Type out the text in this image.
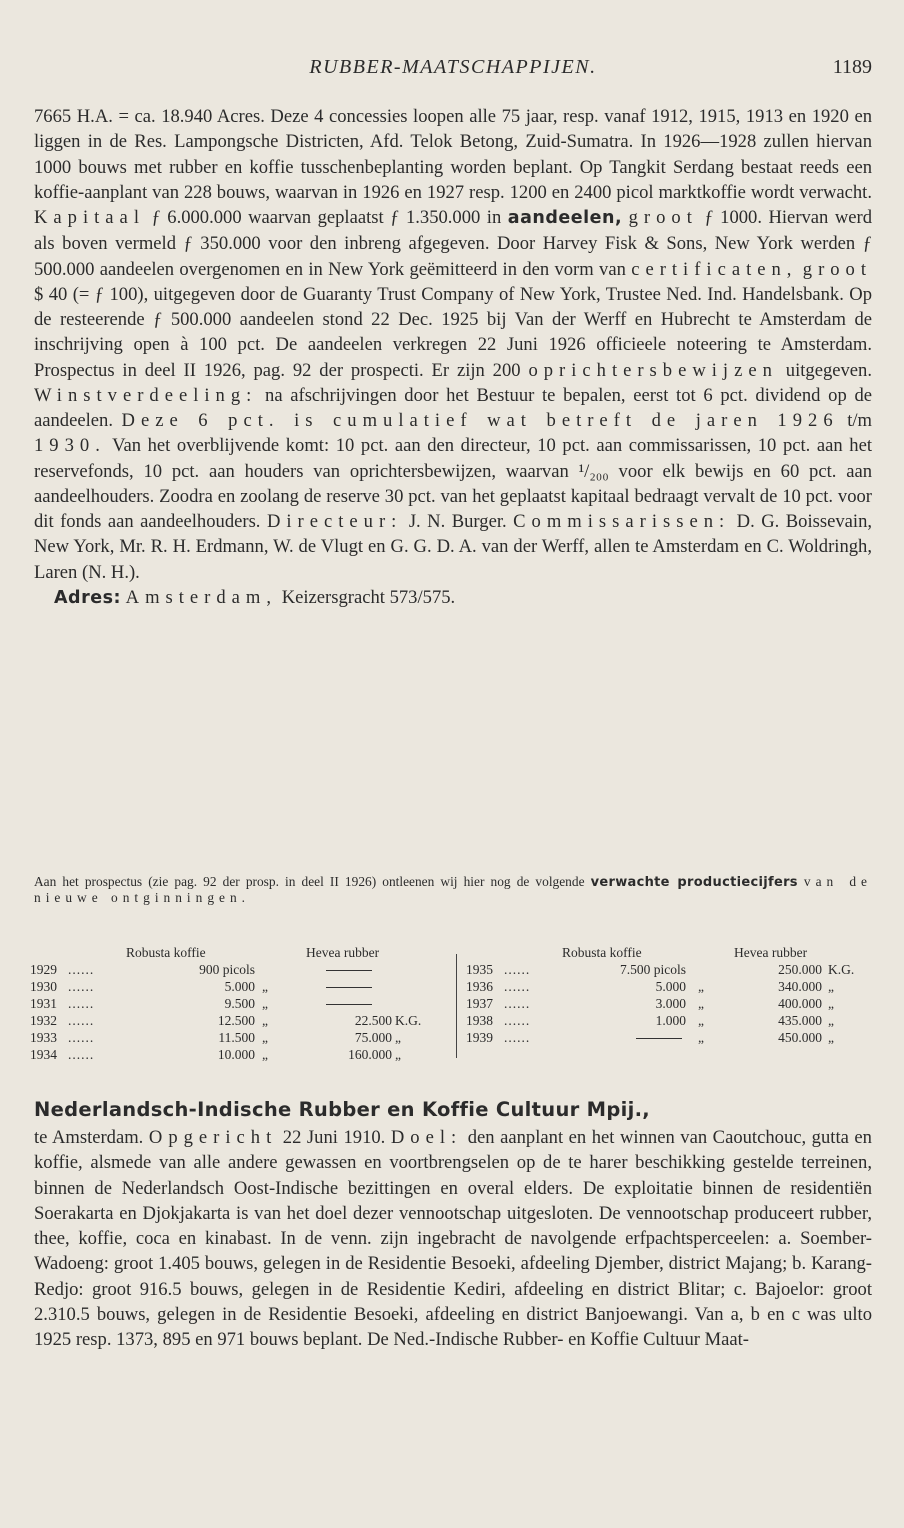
RUBBER-MAATSCHAPPIJEN.	1189

7665 H.A. = ca. 18.940 Acres. Deze 4 concessies loopen alle 75 jaar, resp. vanaf 1912, 1915, 1913 en 1920 en liggen in de Res. Lampongsche Districten, Afd. Telok Betong, Zuid-Sumatra. In 1926—1928 zullen hiervan 1000 bouws met rubber en koffie tusschenbeplanting worden beplant. Op Tangkit Serdang bestaat reeds een koffie-aanplant van 228 bouws, waarvan in 1926 en 1927 resp. 1200 en 2400 picol marktkoffie wordt verwacht. Kapitaal ƒ 6.000.000 waarvan geplaatst ƒ 1.350.000 in aandeelen, groot ƒ 1000. Hiervan werd als boven vermeld ƒ 350.000 voor den inbreng afgegeven. Door Harvey Fisk & Sons, New York werden ƒ 500.000 aandeelen overgenomen en in New York geëmitteerd in den vorm van certificaten, groot $ 40 (= ƒ 100), uitgegeven door de Guaranty Trust Company of New York, Trustee Ned. Ind. Handelsbank. Op de resteerende ƒ 500.000 aandeelen stond 22 Dec. 1925 bij Van der Werff en Hubrecht te Amsterdam de inschrijving open à 100 pct. De aandeelen verkregen 22 Juni 1926 officieele noteering te Amsterdam. Prospectus in deel II 1926, pag. 92 der prospecti. Er zijn 200 oprichtersbewijzen uitgegeven. Winstverdeeling: na afschrijvingen door het Bestuur te bepalen, eerst tot 6 pct. dividend op de aandeelen. Deze 6 pct. is cumulatief wat betreft de jaren 1926 t/m 1930. Van het overblijvende komt: 10 pct. aan den directeur, 10 pct. aan commissarissen, 10 pct. aan het reservefonds, 10 pct. aan houders van oprichtersbewijzen, waarvan ¹/₂₀₀ voor elk bewijs en 60 pct. aan aandeelhouders. Zoodra en zoolang de reserve 30 pct. van het geplaatst kapitaal bedraagt vervalt de 10 pct. voor dit fonds aan aandeelhouders. Directeur: J. N. Burger. Commissarissen: D. G. Boissevain, New York, Mr. R. H. Erdmann, W. de Vlugt en G. G. D. A. van der Werff, allen te Amsterdam en C. Woldringh, Laren (N. H.).

Adres: Amsterdam, Keizersgracht 573/575.

Aan het prospectus (zie pag. 92 der prosp. in deel II 1926) ontleenen wij hier nog de volgende verwachte productiecijfers van de nieuwe ontginningen.
Robusta koffie	Hevea rubber
1929 ......	900 picols
1930 ......	5.000 „
1931 ......	9.500 „
1932 ......	12.500 „	22.500 K.G.
1933 ......	11.500 „	75.000 „
1934 ......	10.000 „	160.000 „
Robusta koffie	Hevea rubber
1935 ......	7.500 picols	250.000 K.G.
1936 ......	5.000 „	340.000 „
1937 ......	3.000 „	400.000 „
1938 ......	1.000 „	435.000 „
1939 ......	„	450.000 „
Nederlandsch-Indische Rubber en Koffie Cultuur Mpij.,

te Amsterdam. Opgericht 22 Juni 1910. Doel: den aanplant en het winnen van Caoutchouc, gutta en koffie, alsmede van alle andere gewassen en voortbrengselen op de te harer beschikking gestelde terreinen, binnen de Nederlandsch Oost-Indische bezittingen en overal elders. De exploitatie binnen de residentiën Soerakarta en Djokjakarta is van het doel dezer vennootschap uitgesloten. De vennootschap produceert rubber, thee, koffie, coca en kinabast. In de venn. zijn ingebracht de navolgende erfpachtsperceelen: a. Soember-Wadoeng: groot 1.405 bouws, gelegen in de Residentie Besoeki, afdeeling Djember, district Majang; b. Karang-Redjo: groot 916.5 bouws, gelegen in de Residentie Kediri, afdeeling en district Blitar; c. Bajoelor: groot 2.310.5 bouws, gelegen in de Residentie Besoeki, afdeeling en district Banjoewangi. Van a, b en c was ulto 1925 resp. 1373, 895 en 971 bouws beplant. De Ned.-Indische Rubber- en Koffie Cultuur Maat-
